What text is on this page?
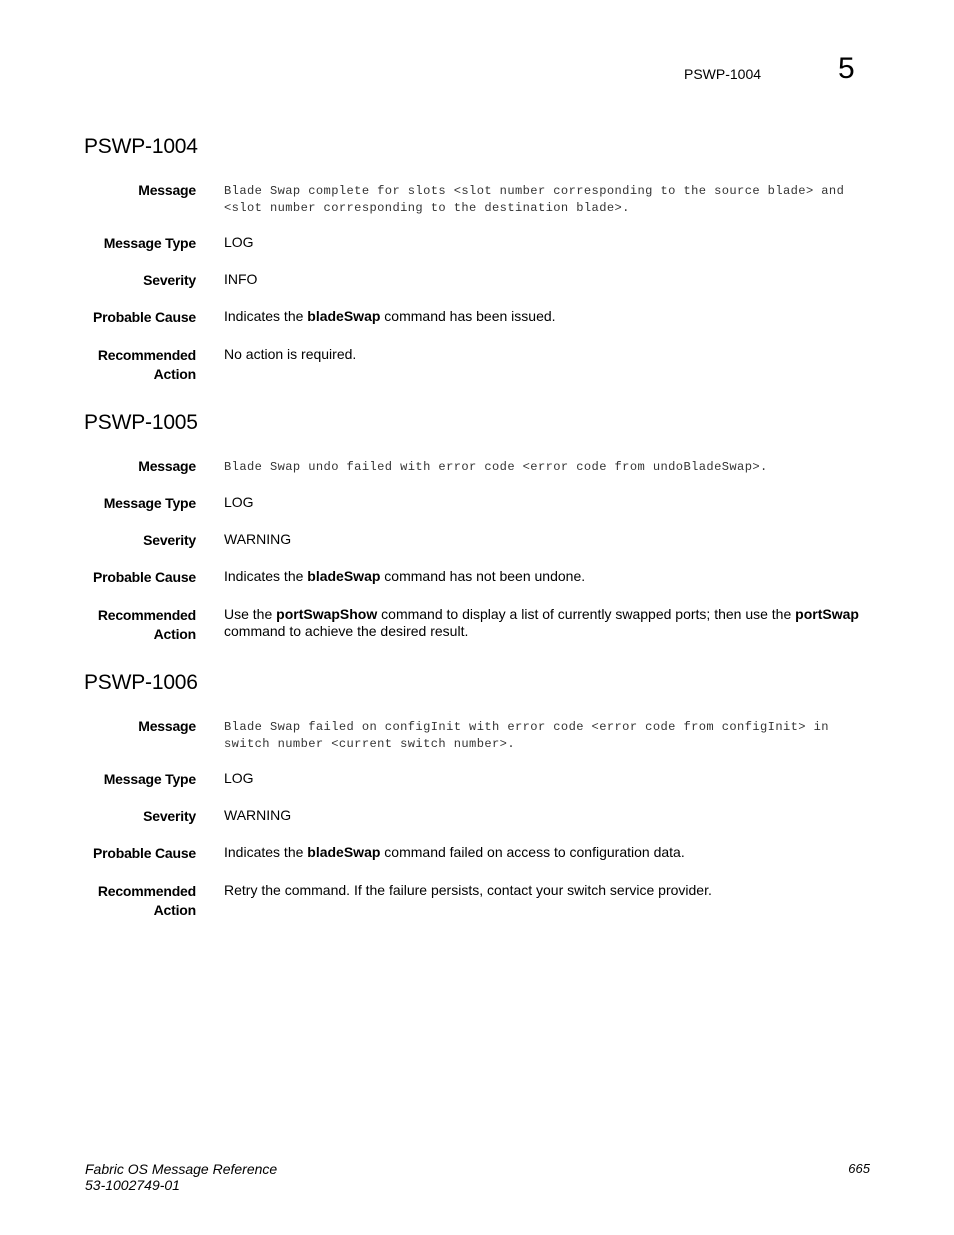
PSWP-1004	5
PSWP-1004
Message Blade Swap complete for slots <slot number corresponding to the source blade> and
<slot number corresponding to the destination blade>.
Message Type LOG
Severity INFO
Probable Cause Indicates the bladeSwap command has been issued.
Recommended
Action
No action is required.
PSWP-1005
Message Blade Swap undo failed with error code <error code from undoBladeSwap>.
Message Type LOG
Severity WARNING
Probable Cause Indicates the bladeSwap command has not been undone.
Recommended
Action
Use the portSwapShow command to display a list of currently swapped ports; then use the portSwap
command to achieve the desired result.
PSWP-1006
Message Blade Swap failed on configInit with error code <error code from configInit> in
switch number <current switch number>.
Message Type LOG
Severity WARNING
Probable Cause Indicates the bladeSwap command failed on access to configuration data.
Recommended
Action
Retry the command. If the failure persists, contact your switch service provider.
Fabric OS Message Reference
53-1002749-01
665
